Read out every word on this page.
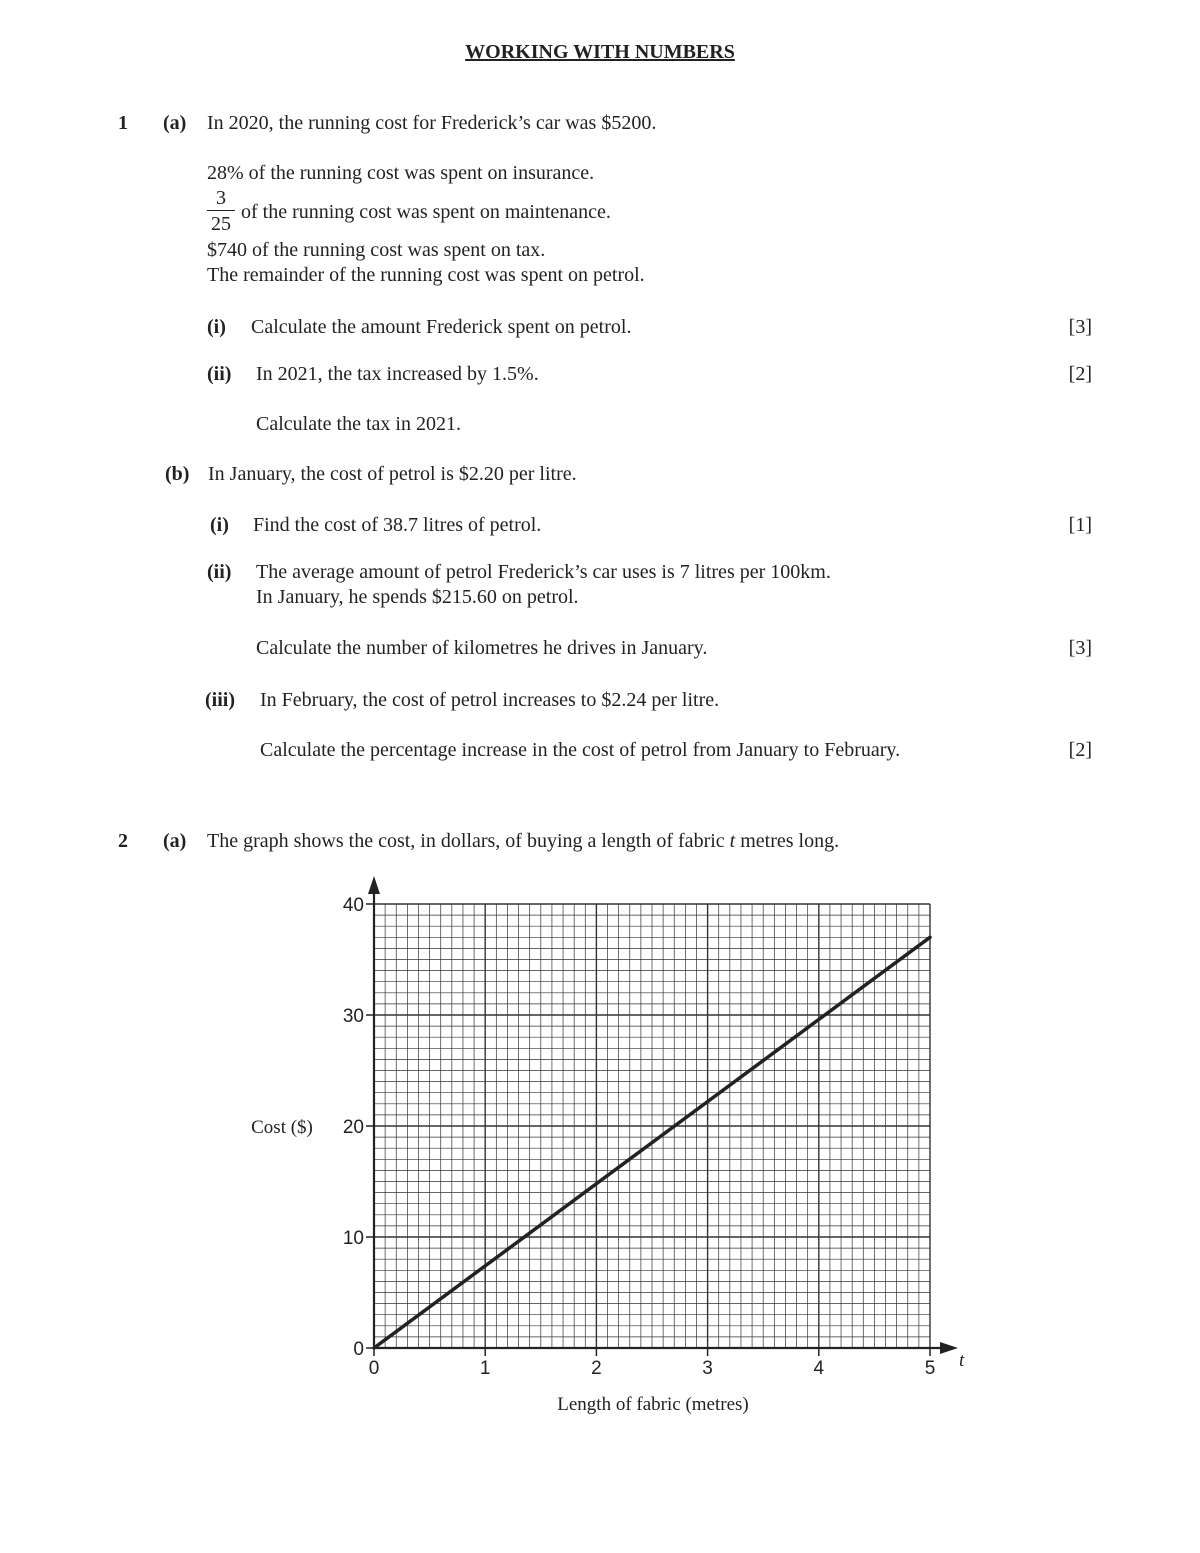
WORKING WITH NUMBERS
1 (a) In 2020, the running cost for Frederick’s car was $5200.
28% of the running cost was spent on insurance.
3
25
of the running cost was spent on maintenance.
$740 of the running cost was spent on tax.
The remainder of the running cost was spent on petrol.
(i) Calculate the amount Frederick spent on petrol.	[3]
(ii) In 2021, the tax increased by 1.5%.	[2]
Calculate the tax in 2021.
(b) In January, the cost of petrol is $2.20 per litre.
(i) Find the cost of 38.7 litres of petrol.	[1]
(ii) The average amount of petrol Frederick’s car uses is 7 litres per 100km.
In January, he spends $215.60 on petrol.
Calculate the number of kilometres he drives in January.	[3]
(iii) In February, the cost of petrol increases to $2.24 per litre.
Calculate the percentage increase in the cost of petrol from January to February.	[2]
2 (a) The graph shows the cost, in dollars, of buying a length of fabric t metres long.
0	1	2	3	4	5
0
10
20
30
40
Cost ($)
Length of fabric (metres)
t
